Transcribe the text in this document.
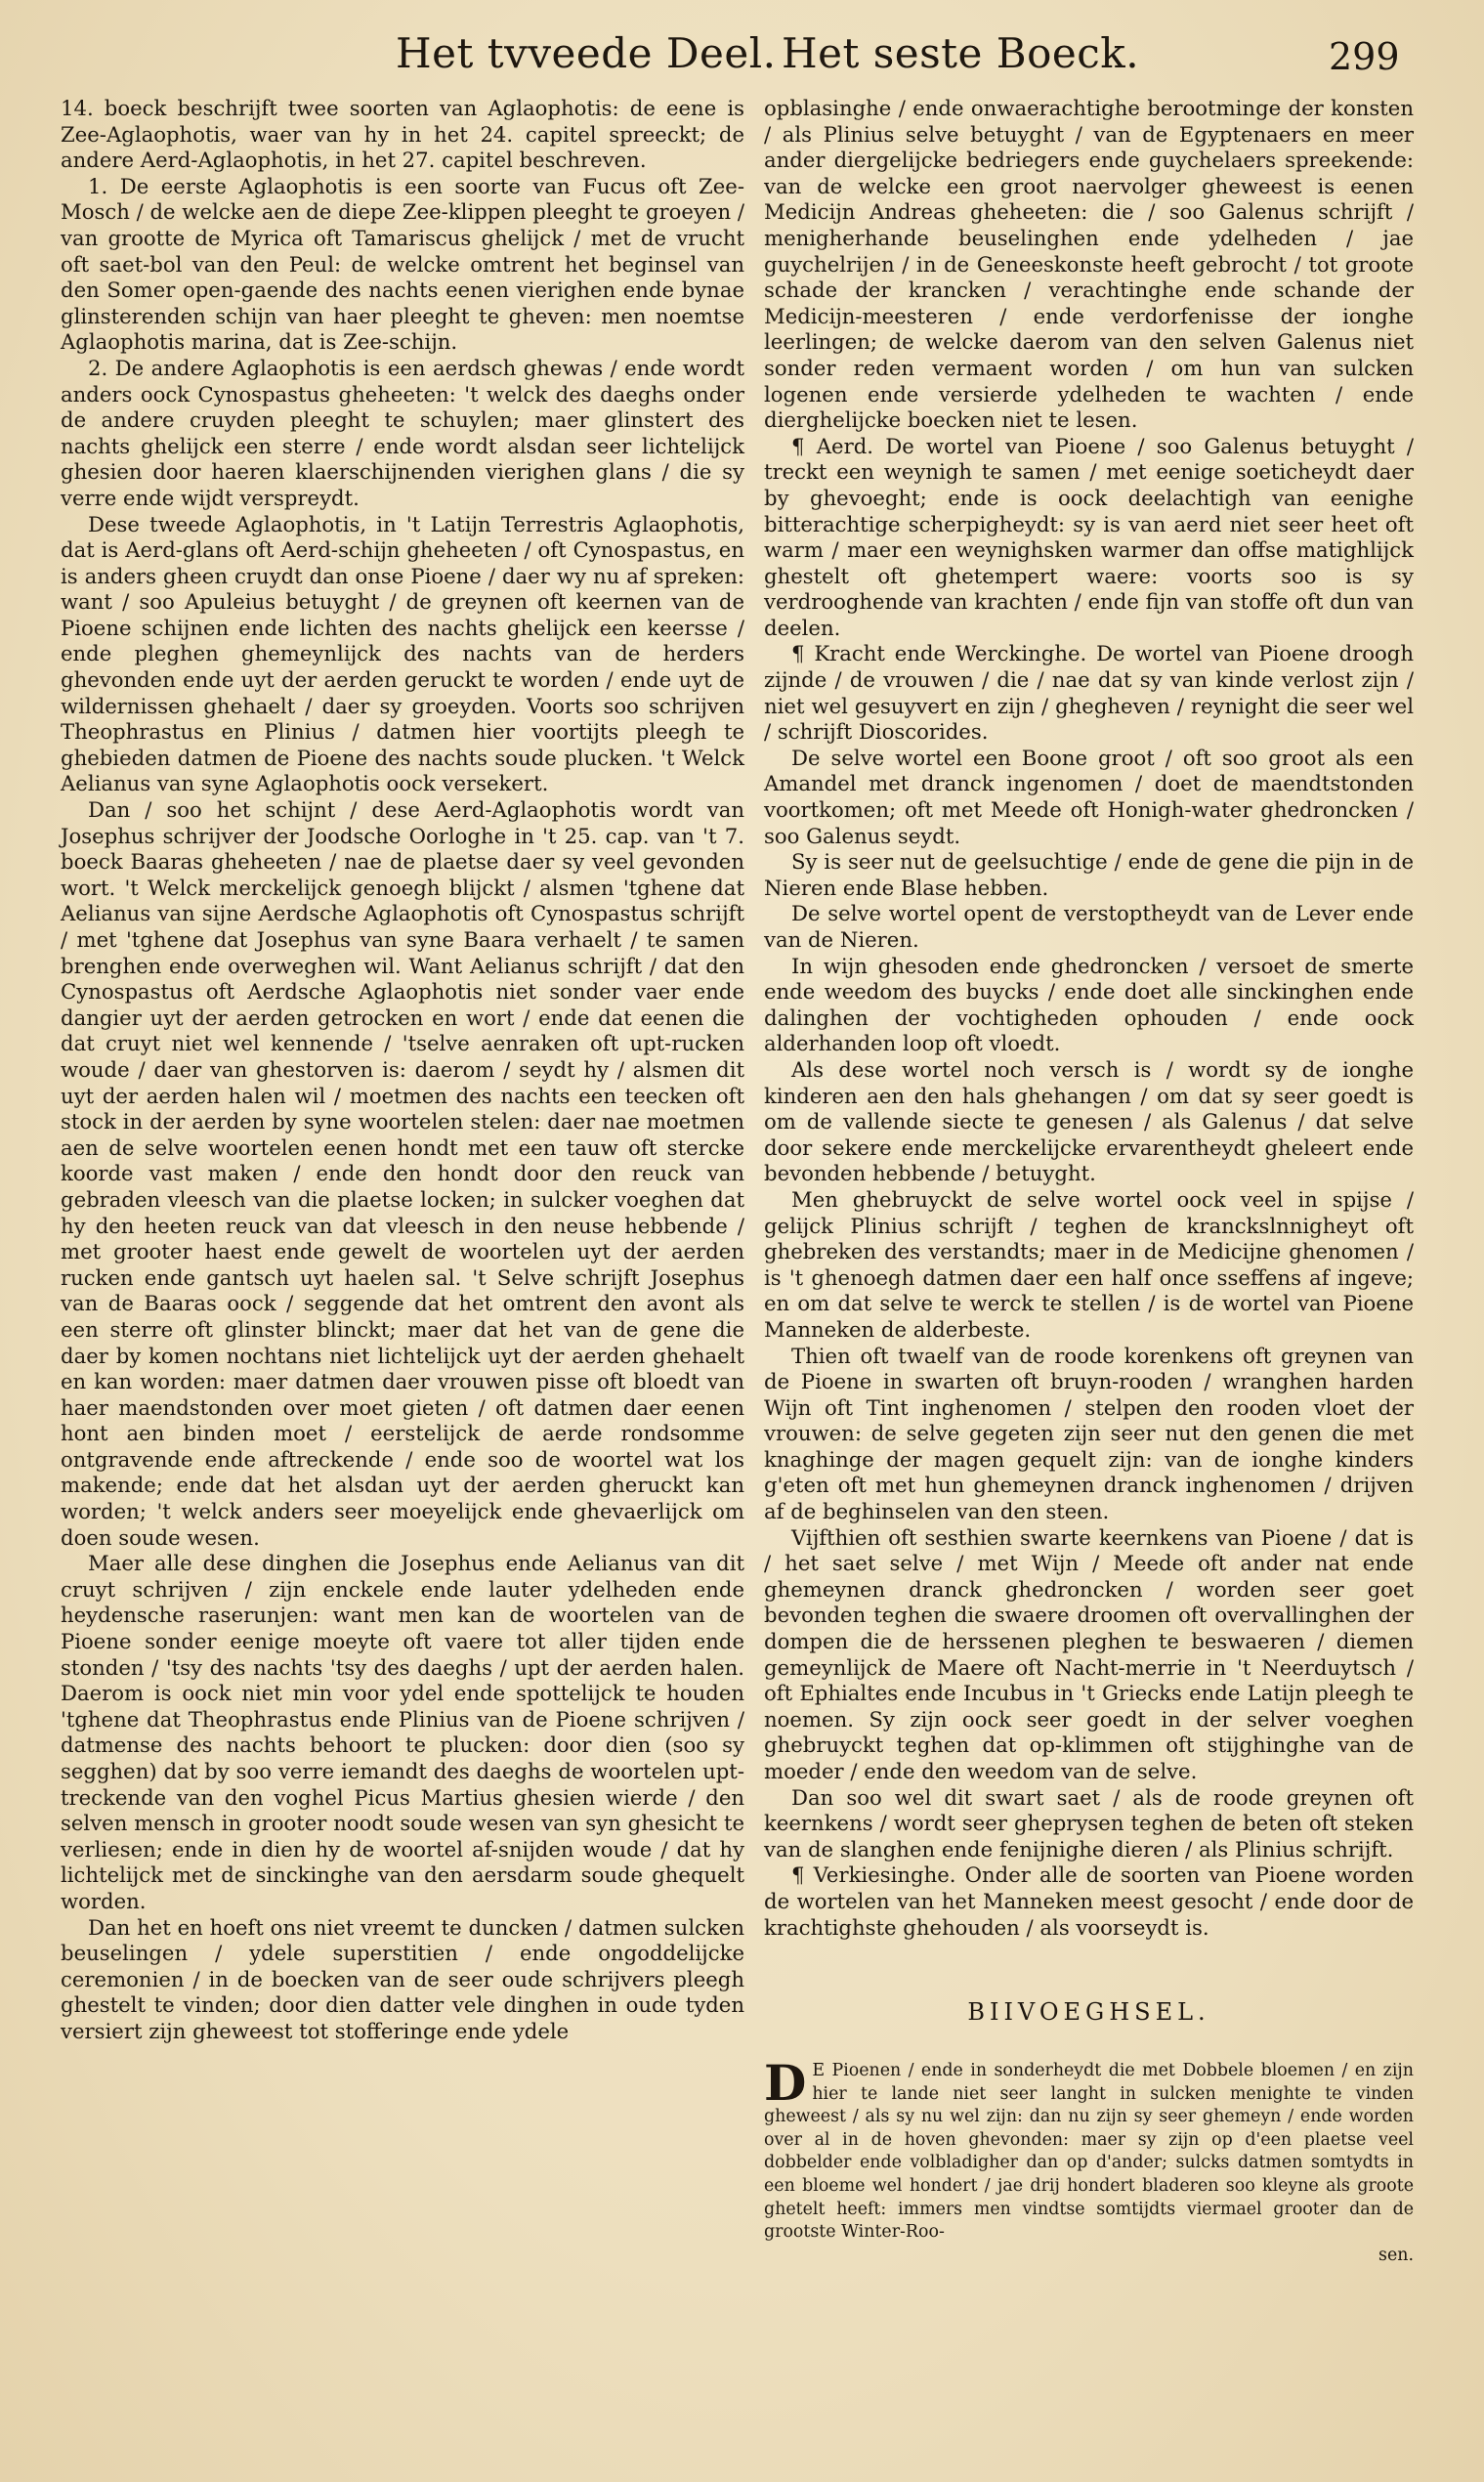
Het tvveede Deel. Het seste Boeck.	299

14. boeck beschrijft twee soorten van Aglaophotis: de eene is Zee-Aglaophotis, waer van hy in het 24. capitel spreeckt; de andere Aerd-Aglaophotis, in het 27. capitel beschreven.

1. De eerste Aglaophotis is een soorte van Fucus oft Zee-Mosch / de welcke aen de diepe Zee-klippen pleeght te groeyen / van grootte de Myrica oft Tamariscus ghelijck / met de vrucht oft saet-bol van den Peul: de welcke omtrent het beginsel van den Somer open-gaende des nachts eenen vierighen ende bynae glinsterenden schijn van haer pleeght te gheven: men noemtse Aglaophotis marina, dat is Zee-schijn.

2. De andere Aglaophotis is een aerdsch ghewas / ende wordt anders oock Cynospastus gheheeten: 't welck des daeghs onder de andere cruyden pleeght te schuylen; maer glinstert des nachts ghelijck een sterre / ende wordt alsdan seer lichtelijck ghesien door haeren klaerschijnenden vierighen glans / die sy verre ende wijdt verspreydt.

Dese tweede Aglaophotis, in 't Latijn Terrestris Aglaophotis, dat is Aerd-glans oft Aerd-schijn gheheeten / oft Cynospastus, en is anders gheen cruydt dan onse Pioene / daer wy nu af spreken: want / soo Apuleius betuyght / de greynen oft keernen van de Pioene schijnen ende lichten des nachts ghelijck een keersse / ende pleghen ghemeynlijck des nachts van de herders ghevonden ende uyt der aerden geruckt te worden / ende uyt de wildernissen ghehaelt / daer sy groeyden. Voorts soo schrijven Theophrastus en Plinius / datmen hier voortijts pleegh te ghebieden datmen de Pioene des nachts soude plucken. 't Welck Aelianus van syne Aglaophotis oock versekert.

Dan / soo het schijnt / dese Aerd-Aglaophotis wordt van Josephus schrijver der Joodsche Oorloghe in 't 25. cap. van 't 7. boeck Baaras gheheeten / nae de plaetse daer sy veel gevonden wort. 't Welck merckelijck genoegh blijckt / alsmen 'tghene dat Aelianus van sijne Aerdsche Aglaophotis oft Cynospastus schrijft / met 'tghene dat Josephus van syne Baara verhaelt / te samen brenghen ende overweghen wil. Want Aelianus schrijft / dat den Cynospastus oft Aerdsche Aglaophotis niet sonder vaer ende dangier uyt der aerden getrocken en wort / ende dat eenen die dat cruyt niet wel kennende / 'tselve aenraken oft upt-rucken woude / daer van ghestorven is: daerom / seydt hy / alsmen dit uyt der aerden halen wil / moetmen des nachts een teecken oft stock in der aerden by syne woortelen stelen: daer nae moetmen aen de selve woortelen eenen hondt met een tauw oft stercke koorde vast maken / ende den hondt door den reuck van gebraden vleesch van die plaetse locken; in sulcker voeghen dat hy den heeten reuck van dat vleesch in den neuse hebbende / met grooter haest ende gewelt de woortelen uyt der aerden rucken ende gantsch uyt haelen sal. 't Selve schrijft Josephus van de Baaras oock / seggende dat het omtrent den avont als een sterre oft glinster blinckt; maer dat het van de gene die daer by komen nochtans niet lichtelijck uyt der aerden ghehaelt en kan worden: maer datmen daer vrouwen pisse oft bloedt van haer maendstonden over moet gieten / oft datmen daer eenen hont aen binden moet / eerstelijck de aerde rondsomme ontgravende ende aftreckende / ende soo de woortel wat los makende; ende dat het alsdan uyt der aerden gheruckt kan worden; 't welck anders seer moeyelijck ende ghevaerlijck om doen soude wesen.

Maer alle dese dinghen die Josephus ende Aelianus van dit cruyt schrijven / zijn enckele ende lauter ydelheden ende heydensche raserunjen: want men kan de woortelen van de Pioene sonder eenige moeyte oft vaere tot aller tijden ende stonden / 'tsy des nachts 'tsy des daeghs / upt der aerden halen. Daerom is oock niet min voor ydel ende spottelijck te houden 'tghene dat Theophrastus ende Plinius van de Pioene schrijven / datmense des nachts behoort te plucken: door dien (soo sy segghen) dat by soo verre iemandt des daeghs de woortelen upt-treckende van den voghel Picus Martius ghesien wierde / den selven mensch in grooter noodt soude wesen van syn ghesicht te verliesen; ende in dien hy de woortel af-snijden woude / dat hy lichtelijck met de sinckinghe van den aersdarm soude ghequelt worden.

Dan het en hoeft ons niet vreemt te duncken / datmen sulcken beuselingen / ydele superstitien / ende ongoddelijcke ceremonien / in de boecken van de seer oude schrijvers pleegh ghestelt te vinden; door dien datter vele dinghen in oude tyden versiert zijn gheweest tot stofferinge ende ydele

opblasinghe / ende onwaerachtighe berootminge der konsten / als Plinius selve betuyght / van de Egyptenaers en meer ander diergelijcke bedriegers ende guychelaers spreekende: van de welcke een groot naervolger gheweest is eenen Medicijn Andreas gheheeten: die / soo Galenus schrijft / menigherhande beuselinghen ende ydelheden / jae guychelrijen / in de Geneeskonste heeft gebrocht / tot groote schade der krancken / verachtinghe ende schande der Medicijn-meesteren / ende verdorfenisse der ionghe leerlingen; de welcke daerom van den selven Galenus niet sonder reden vermaent worden / om hun van sulcken logenen ende versierde ydelheden te wachten / ende dierghelijcke boecken niet te lesen.

¶ Aerd. De wortel van Pioene / soo Galenus betuyght / treckt een weynigh te samen / met eenige soeticheydt daer by ghevoeght; ende is oock deelachtigh van eenighe bitterachtige scherpigheydt: sy is van aerd niet seer heet oft warm / maer een weynighsken warmer dan offse matighlijck ghestelt oft ghetempert waere: voorts soo is sy verdrooghende van krachten / ende fijn van stoffe oft dun van deelen.

¶ Kracht ende Werckinghe. De wortel van Pioene droogh zijnde / de vrouwen / die / nae dat sy van kinde verlost zijn / niet wel gesuyvert en zijn / ghegheven / reynight die seer wel / schrijft Dioscorides.

De selve wortel een Boone groot / oft soo groot als een Amandel met dranck ingenomen / doet de maendtstonden voortkomen; oft met Meede oft Honigh-water ghedroncken / soo Galenus seydt.

Sy is seer nut de geelsuchtige / ende de gene die pijn in de Nieren ende Blase hebben.

De selve wortel opent de verstoptheydt van de Lever ende van de Nieren.

In wijn ghesoden ende ghedroncken / versoet de smerte ende weedom des buycks / ende doet alle sinckinghen ende dalinghen der vochtigheden ophouden / ende oock alderhanden loop oft vloedt.

Als dese wortel noch versch is / wordt sy de ionghe kinderen aen den hals ghehangen / om dat sy seer goedt is om de vallende siecte te genesen / als Galenus / dat selve door sekere ende merckelijcke ervarentheydt gheleert ende bevonden hebbende / betuyght.

Men ghebruyckt de selve wortel oock veel in spijse / gelijck Plinius schrijft / teghen de kranckslnnigheyt oft ghebreken des verstandts; maer in de Medicijne ghenomen / is 't ghenoegh datmen daer een half once sseffens af ingeve; en om dat selve te werck te stellen / is de wortel van Pioene Manneken de alderbeste.

Thien oft twaelf van de roode korenkens oft greynen van de Pioene in swarten oft bruyn-rooden / wranghen harden Wijn oft Tint inghenomen / stelpen den rooden vloet der vrouwen: de selve gegeten zijn seer nut den genen die met knaghinge der magen gequelt zijn: van de ionghe kinders g'eten oft met hun ghemeynen dranck inghenomen / drijven af de beghinselen van den steen.

Vijfthien oft sesthien swarte keernkens van Pioene / dat is / het saet selve / met Wijn / Meede oft ander nat ende ghemeynen dranck ghedroncken / worden seer goet bevonden teghen die swaere droomen oft overvallinghen der dompen die de herssenen pleghen te beswaeren / diemen gemeynlijck de Maere oft Nacht-merrie in 't Neerduytsch / oft Ephialtes ende Incubus in 't Griecks ende Latijn pleegh te noemen. Sy zijn oock seer goedt in der selver voeghen ghebruyckt teghen dat op-klimmen oft stijghinghe van de moeder / ende den weedom van de selve.

Dan soo wel dit swart saet / als de roode greynen oft keernkens / wordt seer gheprysen teghen de beten oft steken van de slanghen ende fenijnighe dieren / als Plinius schrijft.

¶ Verkiesinghe. Onder alle de soorten van Pioene worden de wortelen van het Manneken meest gesocht / ende door de krachtighste ghehouden / als voorseydt is.

BIIVOEGHSEL.

D E Pioenen / ende in sonderheydt die met Dobbele bloemen / en zijn hier te lande niet seer langht in sulcken menighte te vinden gheweest / als sy nu wel zijn: dan nu zijn sy seer ghemeyn / ende worden over al in de hoven ghevonden: maer sy zijn op d'een plaetse veel dobbelder ende volbladigher dan op d'ander; sulcks datmen somtydts in een bloeme wel hondert / jae drij hondert bladeren soo kleyne als groote ghetelt heeft: immers men vindtse somtijdts viermael grooter dan de grootste Winter-Roo-

sen.
